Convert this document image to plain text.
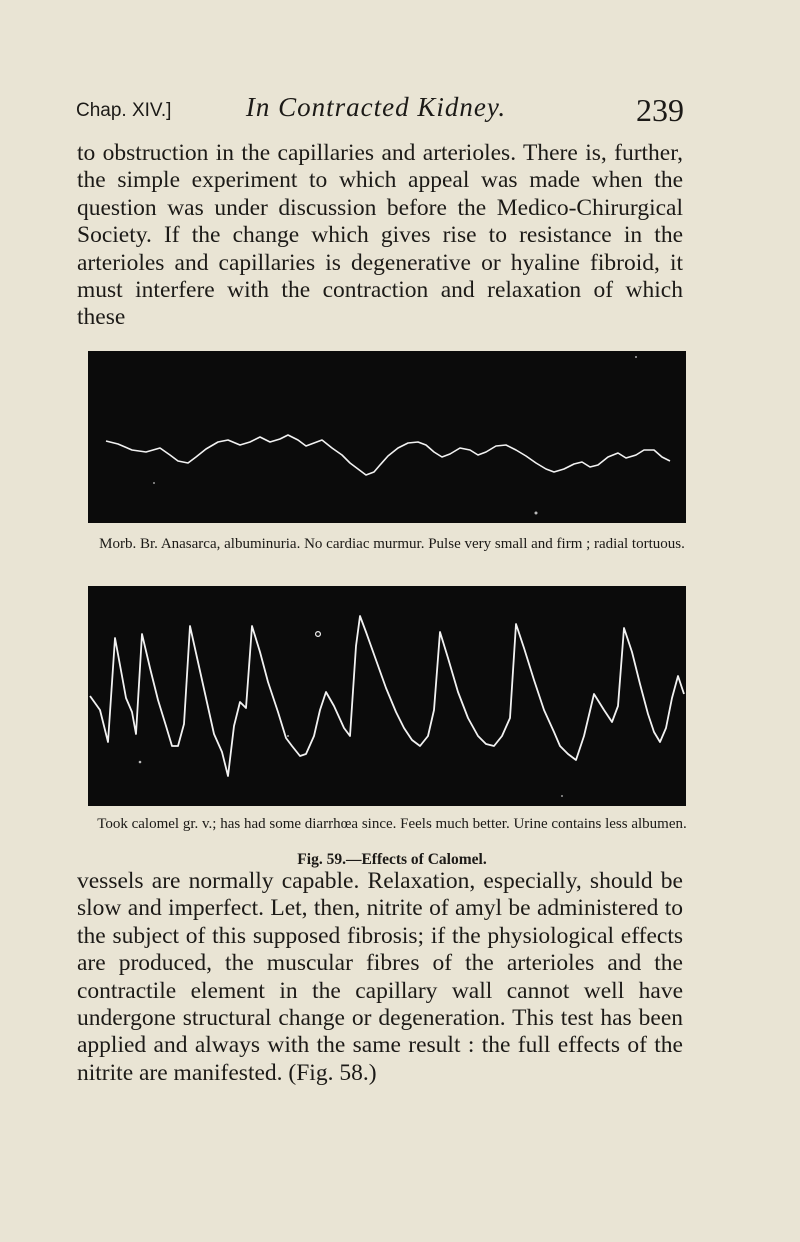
Chap. XIV.]	In Contracted Kidney.	239

to obstruction in the capillaries and arterioles. There is, further, the simple experiment to which appeal was made when the question was under discussion before the Medico-Chirurgical Society. If the change which gives rise to resistance in the arterioles and capillaries is degenerative or hyaline fibroid, it must interfere with the contraction and relaxation of which these

Morb. Br. Anasarca, albuminuria. No cardiac murmur. Pulse very small and firm ; radial tortuous.

Took calomel gr. v.; has had some diarrhœa since. Feels much better. Urine contains less albumen.

Fig. 59.—Effects of Calomel.

vessels are normally capable. Relaxation, especially, should be slow and imperfect. Let, then, nitrite of amyl be administered to the subject of this supposed fibrosis; if the physiological effects are produced, the muscular fibres of the arterioles and the contractile element in the capillary wall cannot well have undergone structural change or degeneration. This test has been applied and always with the same result : the full effects of the nitrite are manifested. (Fig. 58.)
